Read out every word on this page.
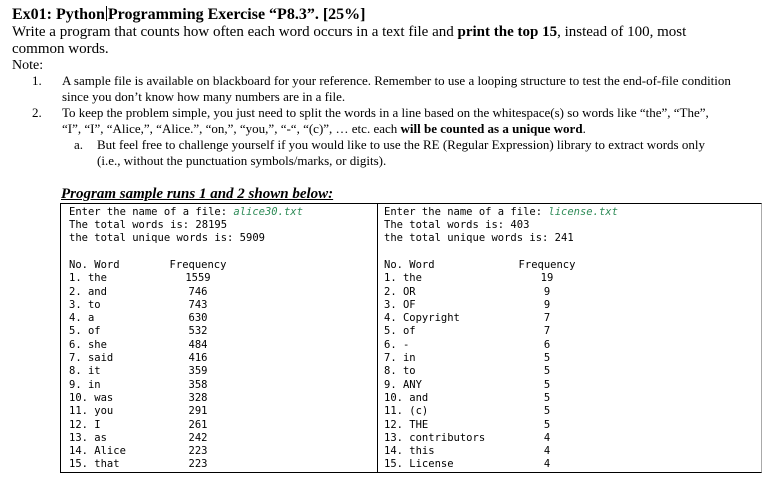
Ex01: Python Programming Exercise “P8.3”. [25%]

Write a program that counts how often each word occurs in a text file and print the top 15, instead of 100, most
common words.

Note:

1. A sample file is available on blackboard for your reference. Remember to use a looping structure to test the end-of-file condition
since you don’t know how many numbers are in a file.
2. To keep the problem simple, you just need to split the words in a line based on the whitespace(s) so words like “the”, “The”,
“I”, “I”, “Alice,”, “Alice.”, “on,”, “you,”, “-“, “(c)”, … etc. each will be counted as a unique word.
a. But feel free to challenge yourself if you would like to use the RE (Regular Expression) library to extract words only
(i.e., without the punctuation symbols/marks, or digits).
Program sample runs 1 and 2 shown below:
Enter the name of a file: alice30.txt
The total words is: 28195
the total unique words is: 5909
No. Word	Frequency
1. the	1559
2. and	746
3. to	743
4. a	630
5. of	532
6. she	484
7. said	416
8. it	359
9. in	358
10. was	328
11. you	291
12. I	261
13. as	242
14. Alice	223
15. that	223
Enter the name of a file: license.txt
The total words is: 403
the total unique words is: 241
No. Word	Frequency
1. the	19
2. OR	9
3. OF	9
4. Copyright	7
5. of	7
6. -	6
7. in	5
8. to	5
9. ANY	5
10. and	5
11. (c)	5
12. THE	5
13. contributors	4
14. this	4
15. License	4
